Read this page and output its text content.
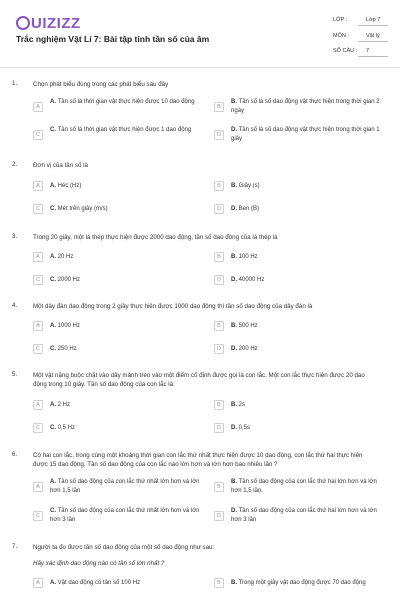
UIZIZZ
Trắc nghiệm Vật Lí 7: Bài tập tính tần số của âm
LỚP :	Lớp 7
MÔN :	Vật lý
SỐ CÂU : 7
1.	Chọn phát biểu đúng trong các phát biểu sau đây
A
A. Tần số là thời gian vật thực hiện được 10 dao động
B
B. Tần số là số dao động vật thực hiện trong thời gian 2 ngày
C
C. Tần số là thời gian vật thực hiện được 1 dao động
D
D. Tần số là số dao động vật thực hiện trong thời gian 1 giây
2.	Đơn vị của tần số là
A	A. Héc (Hz)	B	B. Giây (s)
C	C. Mét trên giây (m/s)	D	D. Ben (B)
3.	Trong 20 giây, một lá thép thực hiện được 2000 dao động, tần số dao động của lá thép là
A	A. 20 Hz	B	B. 100 Hz
C	C. 2000 Hz	D	D. 40000 Hz
4.	Một dây đàn dao động trong 2 giây thực hiện được 1000 dao động thì tần số dao động của dây đàn là
A	A. 1000 Hz	B	B. 500 Hz
C	C. 250 Hz	D	D. 200 Hz
5.	Một vật nặng buộc chặt vào dây mảnh treo vào một điểm cố định được gọi là con lắc. Một con lắc thực hiện được 20 dao động trong 10 giây. Tần số dao động của con lắc là:
A	A. 2 Hz	B	B. 2s
C	C. 0,5 Hz	D	D. 0,5s
6.	Có hai con lắc, trong cùng một khoảng thời gian con lắc thứ nhất thực hiện được 10 dao động, con lắc thứ hai thực hiện được 15 dao động. Tần số dao động của con lắc nào lớn hơn và lớn hơn bao nhiêu lần ?
A
A. Tần số dao động của con lắc thứ nhất lớn hơn và lớn hơn 1,5 lần
B
B. Tần số dao động của con lắc thứ hai lớn hơn và lớn hơn 1,5 lần.
C
C. Tần số dao động của con lắc thứ nhất lớn hơn và lớn hơn 3 lần
D
D. Tần số dao động của con lắc thứ hai lớn hơn và lớn hơn 3 lần
7.	Người ta đo được tần số dao động của một số dao động như sau:
Hãy xác định dao động nào có tần số lớn nhất ?
A	A. Vật dao động có tần số 100 Hz	B	B. Trong một giây vật dao động được 70 dao động
